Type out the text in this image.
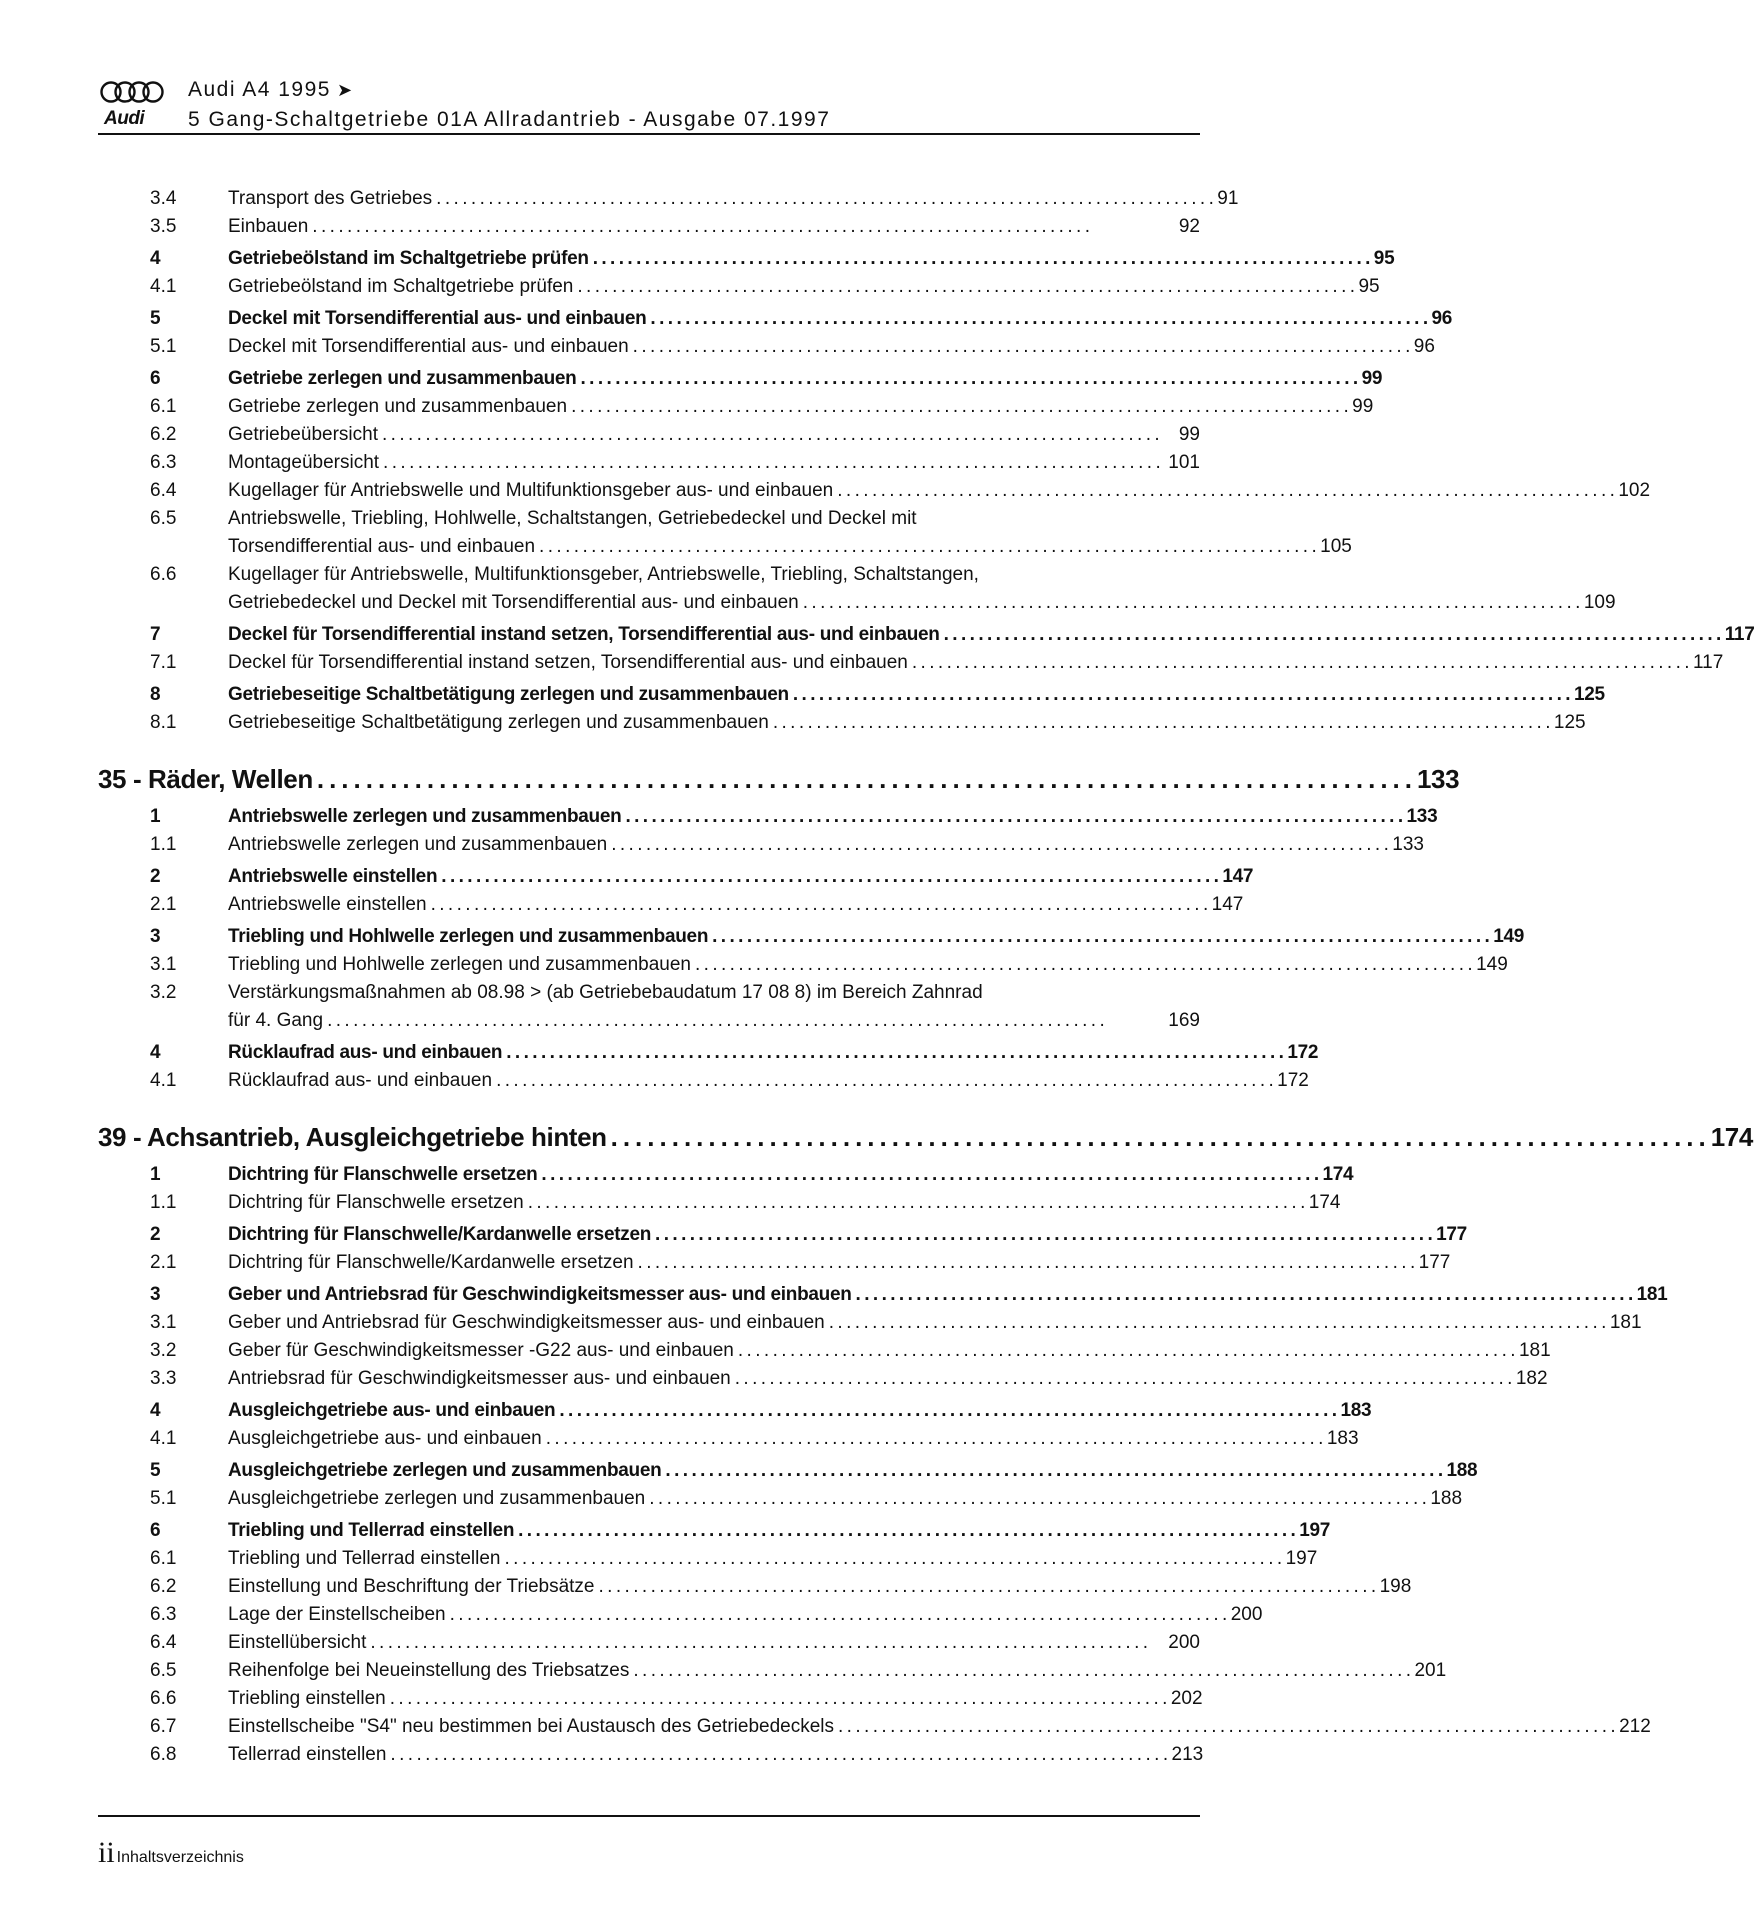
Audi
Audi A4 1995 ➤
5 Gang-Schaltgetriebe 01A Allradantrieb - Ausgabe 07.1997
3.4	Transport des Getriebes .......................................................................................... 91
3.5	Einbauen ..........................................................................................	92
4	Getriebeölstand im Schaltgetriebe prüfen .......................................................................................... 95
4.1	Getriebeölstand im Schaltgetriebe prüfen .......................................................................................... 95
5	Deckel mit Torsendifferential aus- und einbauen .......................................................................................... 96
5.1	Deckel mit Torsendifferential aus- und einbauen .......................................................................................... 96
6	Getriebe zerlegen und zusammenbauen .......................................................................................... 99
6.1	Getriebe zerlegen und zusammenbauen .......................................................................................... 99
6.2	Getriebeübersicht .......................................................................................... 99
6.3	Montageübersicht .......................................................................................... 101
6.4	Kugellager für Antriebswelle und Multifunktionsgeber aus- und einbauen .......................................................................................... 102
6.5	Antriebswelle, Triebling, Hohlwelle, Schaltstangen, Getriebedeckel und Deckel mit
Torsendifferential aus- und einbauen .......................................................................................... 105
6.6	Kugellager für Antriebswelle, Multifunktionsgeber, Antriebswelle, Triebling, Schaltstangen,
Getriebedeckel und Deckel mit Torsendifferential aus- und einbauen .......................................................................................... 109
7	Deckel für Torsendifferential instand setzen, Torsendifferential aus- und einbauen .......................................................................................... 117
7.1	Deckel für Torsendifferential instand setzen, Torsendifferential aus- und einbauen .......................................................................................... 117
8	Getriebeseitige Schaltbetätigung zerlegen und zusammenbauen .......................................................................................... 125
8.1	Getriebeseitige Schaltbetätigung zerlegen und zusammenbauen .......................................................................................... 125
35 - Räder, Wellen .......................................................................................... 133
1	Antriebswelle zerlegen und zusammenbauen .......................................................................................... 133
1.1	Antriebswelle zerlegen und zusammenbauen .......................................................................................... 133
2	Antriebswelle einstellen .......................................................................................... 147
2.1	Antriebswelle einstellen .......................................................................................... 147
3	Triebling und Hohlwelle zerlegen und zusammenbauen .......................................................................................... 149
3.1	Triebling und Hohlwelle zerlegen und zusammenbauen .......................................................................................... 149
3.2	Verstärkungsmaßnahmen ab 08.98 > (ab Getriebebaudatum 17 08 8) im Bereich Zahnrad
für 4. Gang ..........................................................................................	169
4	Rücklaufrad aus- und einbauen .......................................................................................... 172
4.1	Rücklaufrad aus- und einbauen .......................................................................................... 172
39 - Achsantrieb, Ausgleichgetriebe hinten .......................................................................................... 174
1	Dichtring für Flanschwelle ersetzen .......................................................................................... 174
1.1	Dichtring für Flanschwelle ersetzen .......................................................................................... 174
2	Dichtring für Flanschwelle/Kardanwelle ersetzen .......................................................................................... 177
2.1	Dichtring für Flanschwelle/Kardanwelle ersetzen .......................................................................................... 177
3	Geber und Antriebsrad für Geschwindigkeitsmesser aus- und einbauen .......................................................................................... 181
3.1	Geber und Antriebsrad für Geschwindigkeitsmesser aus- und einbauen .......................................................................................... 181
3.2	Geber für Geschwindigkeitsmesser -G22 aus- und einbauen .......................................................................................... 181
3.3	Antriebsrad für Geschwindigkeitsmesser aus- und einbauen .......................................................................................... 182
4	Ausgleichgetriebe aus- und einbauen .......................................................................................... 183
4.1	Ausgleichgetriebe aus- und einbauen .......................................................................................... 183
5	Ausgleichgetriebe zerlegen und zusammenbauen .......................................................................................... 188
5.1	Ausgleichgetriebe zerlegen und zusammenbauen .......................................................................................... 188
6	Triebling und Tellerrad einstellen .......................................................................................... 197
6.1	Triebling und Tellerrad einstellen .......................................................................................... 197
6.2	Einstellung und Beschriftung der Triebsätze .......................................................................................... 198
6.3	Lage der Einstellscheiben .......................................................................................... 200
6.4	Einstellübersicht .......................................................................................... 200
6.5	Reihenfolge bei Neueinstellung des Triebsatzes .......................................................................................... 201
6.6	Triebling einstellen .......................................................................................... 202
6.7	Einstellscheibe "S4" neu bestimmen bei Austausch des Getriebedeckels .......................................................................................... 212
6.8	Tellerrad einstellen .......................................................................................... 213
ii Inhaltsverzeichnis
